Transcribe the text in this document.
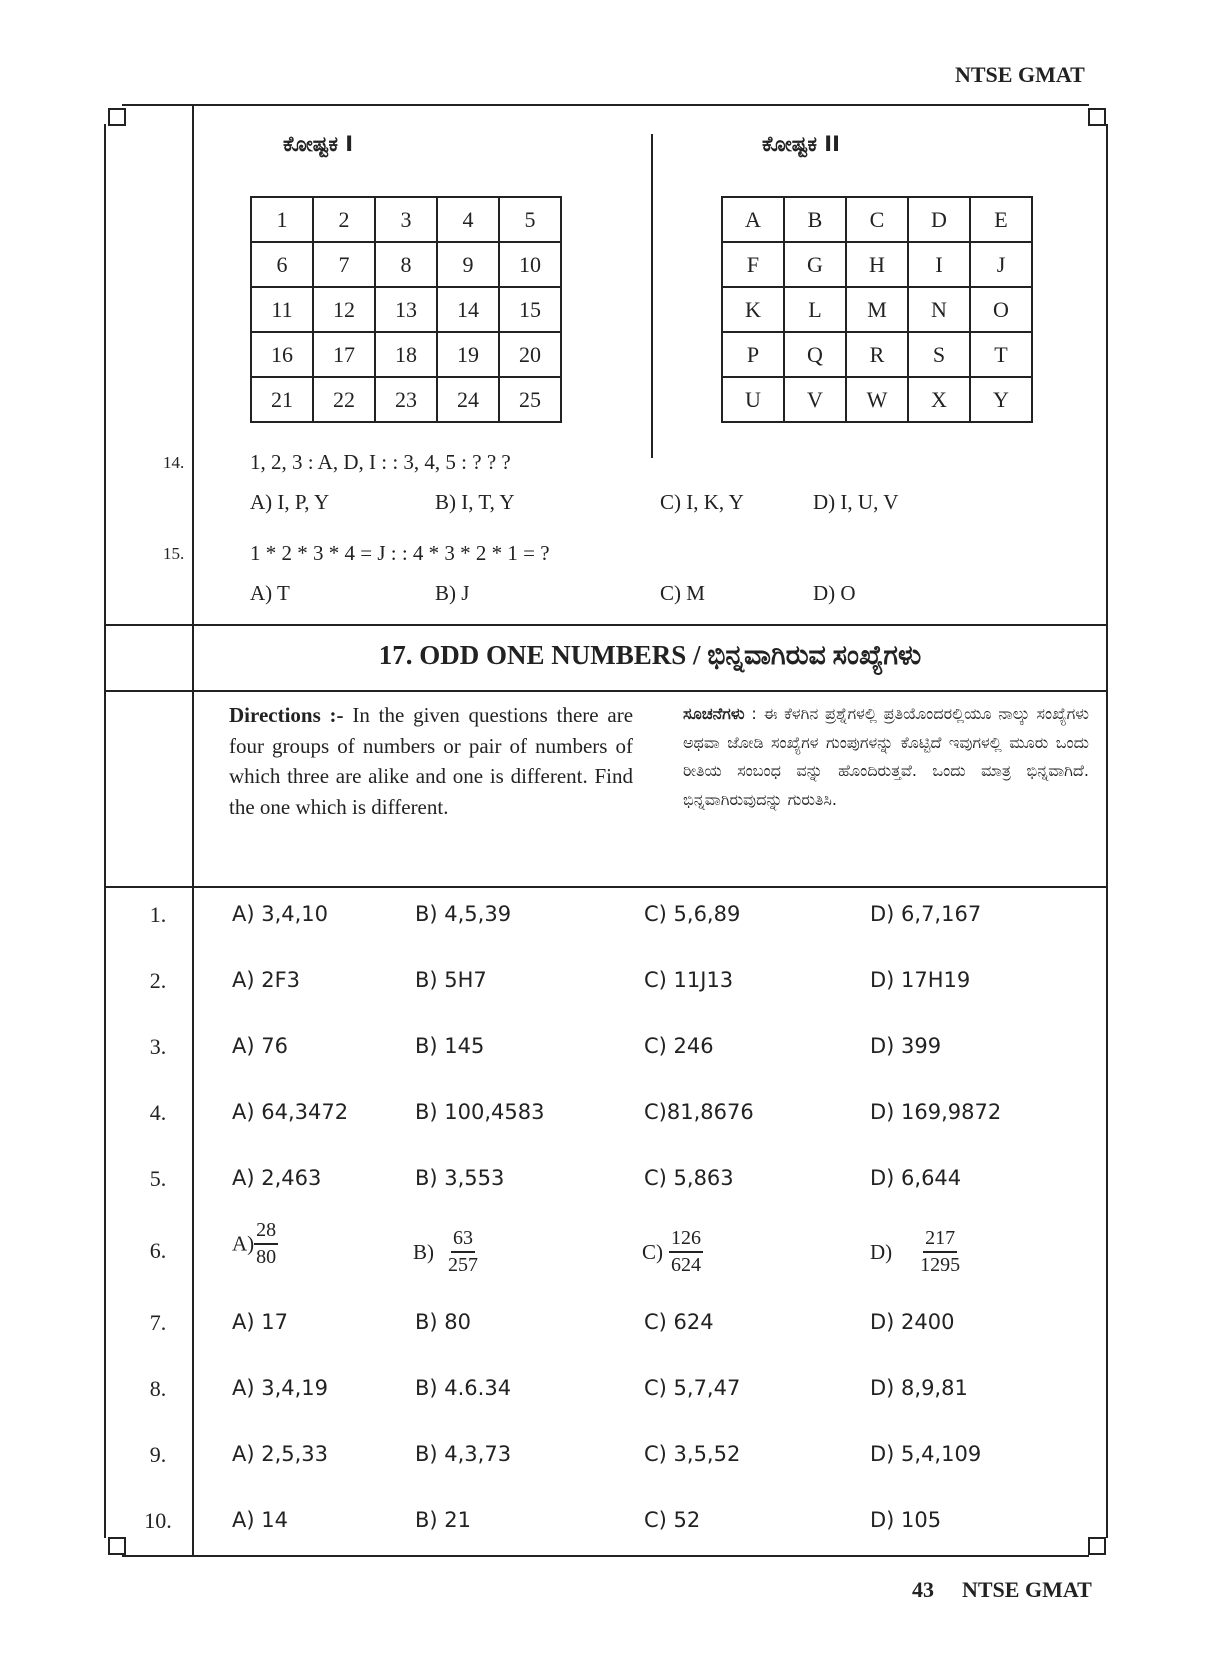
NTSE GMAT
43 NTSE GMAT
ಕೋಷ್ಟಕ I	ಕೋಷ್ಟಕ II
1	2	3	4	5
6	7	8	9	10
11	12	13	14	15
16	17	18	19	20
21	22	23	24	25
A	B	C	D	E
F	G	H	I	J
K	L	M	N	O
P	Q	R	S	T
U	V	W	X	Y
14.	1, 2, 3 : A, D, I : : 3, 4, 5 : ? ? ?
A) I, P, Y	B) I, T, Y	C) I, K, Y	D) I, U, V
15.	1 * 2 * 3 * 4 = J : : 4 * 3 * 2 * 1 = ?
A) T	B) J	C) M	D) O
17. ODD ONE NUMBERS / ಭಿನ್ನವಾಗಿರುವ ಸಂಖ್ಯೆಗಳು
Directions :- In the given questions there are four groups of numbers or pair of numbers of which three are alike and one is different. Find the one which is different.
ಸೂಚನೆಗಳು : ಈ ಕೆಳಗಿನ ಪ್ರಶ್ನೆಗಳಲ್ಲಿ ಪ್ರತಿಯೊಂದರಲ್ಲಿಯೂ ನಾಲ್ಕು ಸಂಖ್ಯೆಗಳು ಅಥವಾ ಜೋಡಿ ಸಂಖ್ಯೆಗಳ ಗುಂಪುಗಳನ್ನು ಕೊಟ್ಟಿದೆ ಇವುಗಳಲ್ಲಿ ಮೂರು ಒಂದು ರೀತಿಯ ಸಂಬಂಧ ವನ್ನು ಹೊಂದಿರುತ್ತವೆ. ಒಂದು ಮಾತ್ರ ಭಿನ್ನವಾಗಿದೆ. ಭಿನ್ನವಾಗಿರುವುದನ್ನು ಗುರುತಿಸಿ.
1.	A) 3,4,10	B) 4,5,39	C) 5,6,89	D) 6,7,167
2.	A) 2F3	B) 5H7	C) 11J13	D) 17H19
3.	A) 76	B) 145	C) 246	D) 399
4.	A) 64,3472	B) 100,4583	C)81,8676	D) 169,9872
5.	A) 2,463	B) 3,553	C) 5,863	D) 6,644
6.	$A) \frac{28}{80}$	$B) \frac{63}{257}$	$C) \frac{126}{624}$	$D) \frac{217}{1295}$
7.	A) 17	B) 80	C) 624	D) 2400
8.	A) 3,4,19	B) 4.6.34	C) 5,7,47	D) 8,9,81
9.	A) 2,5,33	B) 4,3,73	C) 3,5,52	D) 5,4,109
10.	A) 14	B) 21	C) 52	D) 105
